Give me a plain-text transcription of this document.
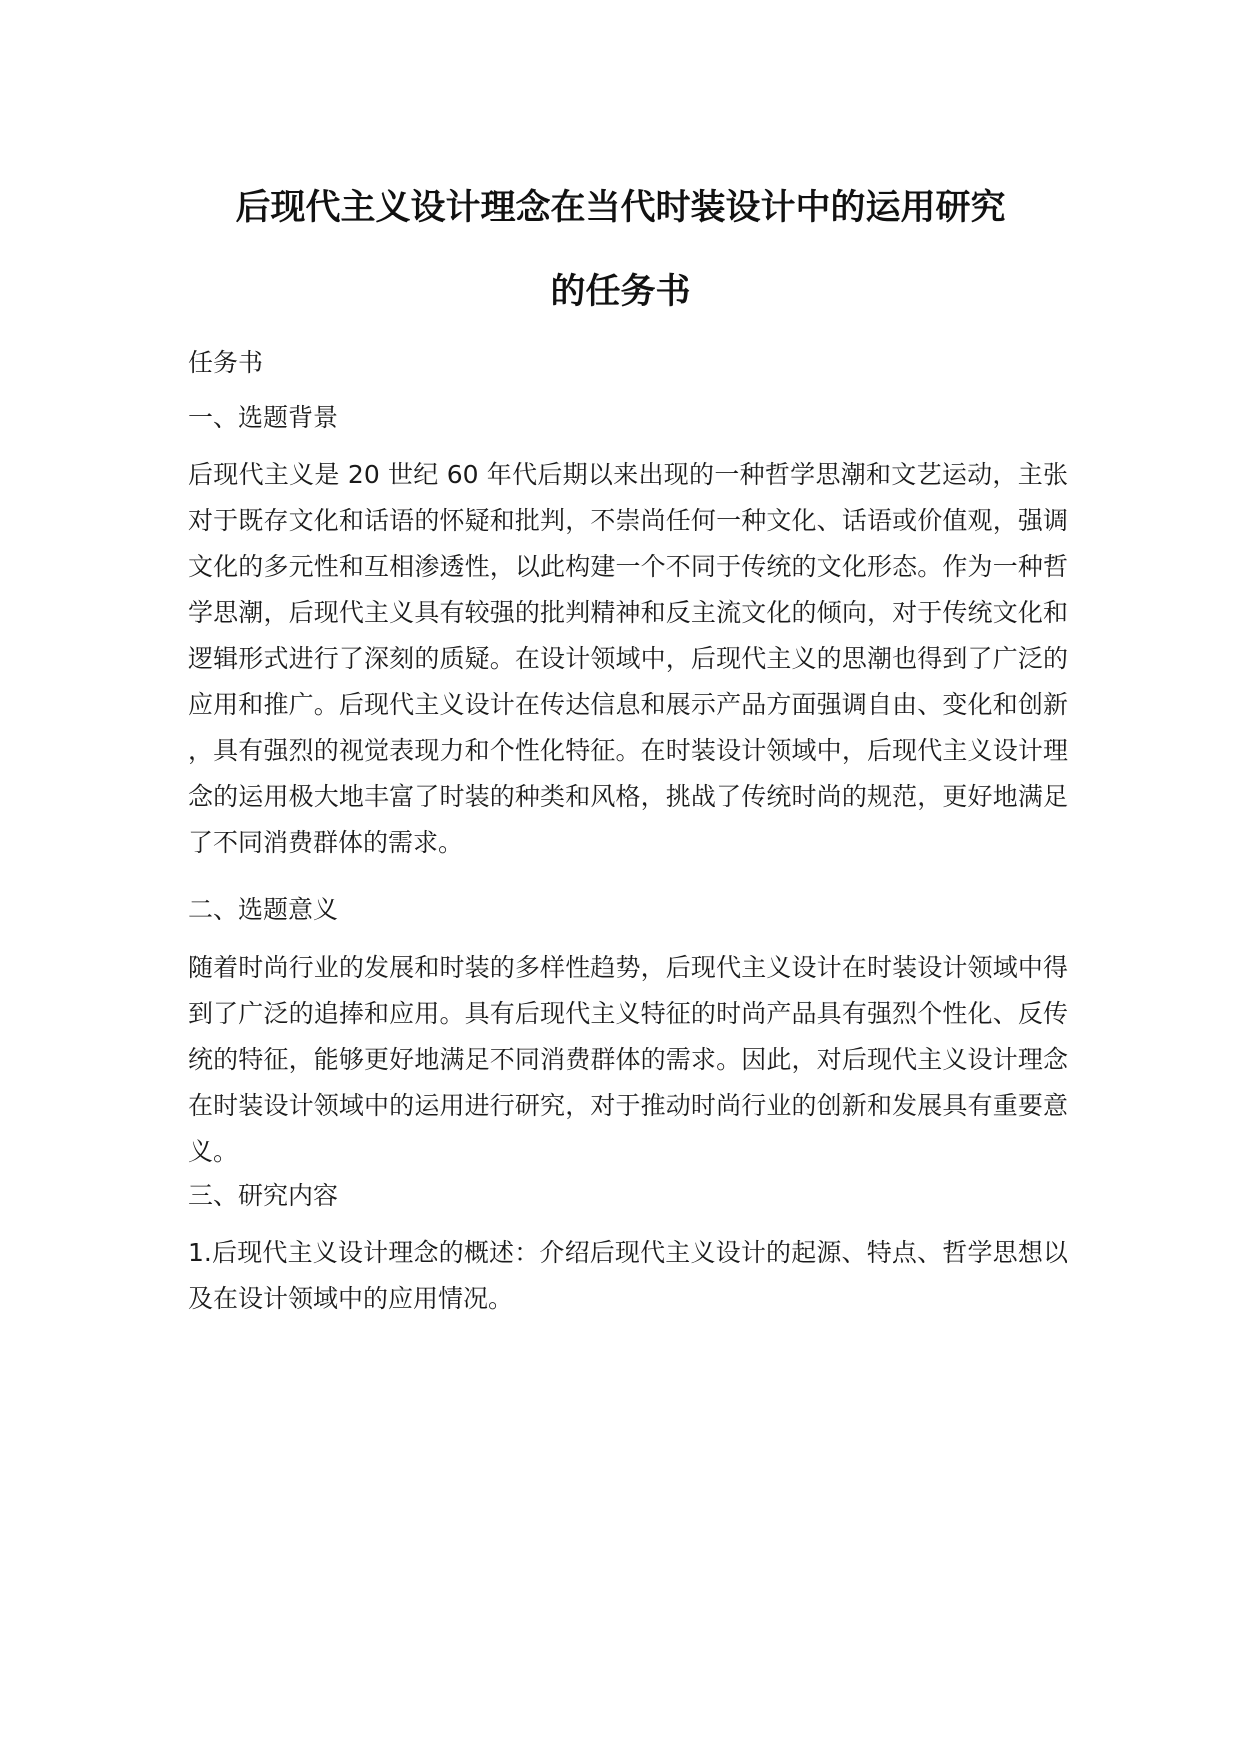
后现代主义设计理念在当代时装设计中的运用研究
的任务书
任务书
一、选题背景
后现代主义是 20 世纪 60 年代后期以来出现的一种哲学思潮和文艺运动，主张对于既存文化和话语的怀疑和批判，不崇尚任何一种文化、话语或价值观，强调文化的多元性和互相渗透性，以此构建一个不同于传统的文化形态。作为一种哲学思潮，后现代主义具有较强的批判精神和反主流文化的倾向，对于传统文化和逻辑形式进行了深刻的质疑。在设计领域中，后现代主义的思潮也得到了广泛的应用和推广。后现代主义设计在传达信息和展示产品方面强调自由、变化和创新，具有强烈的视觉表现力和个性化特征。在时装设计领域中，后现代主义设计理念的运用极大地丰富了时装的种类和风格，挑战了传统时尚的规范，更好地满足了不同消费群体的需求。
二、选题意义
随着时尚行业的发展和时装的多样性趋势，后现代主义设计在时装设计领域中得到了广泛的追捧和应用。具有后现代主义特征的时尚产品具有强烈个性化、反传统的特征，能够更好地满足不同消费群体的需求。因此，对后现代主义设计理念在时装设计领域中的运用进行研究，对于推动时尚行业的创新和发展具有重要意义。
三、研究内容
1.后现代主义设计理念的概述：介绍后现代主义设计的起源、特点、哲学思想以及在设计领域中的应用情况。
